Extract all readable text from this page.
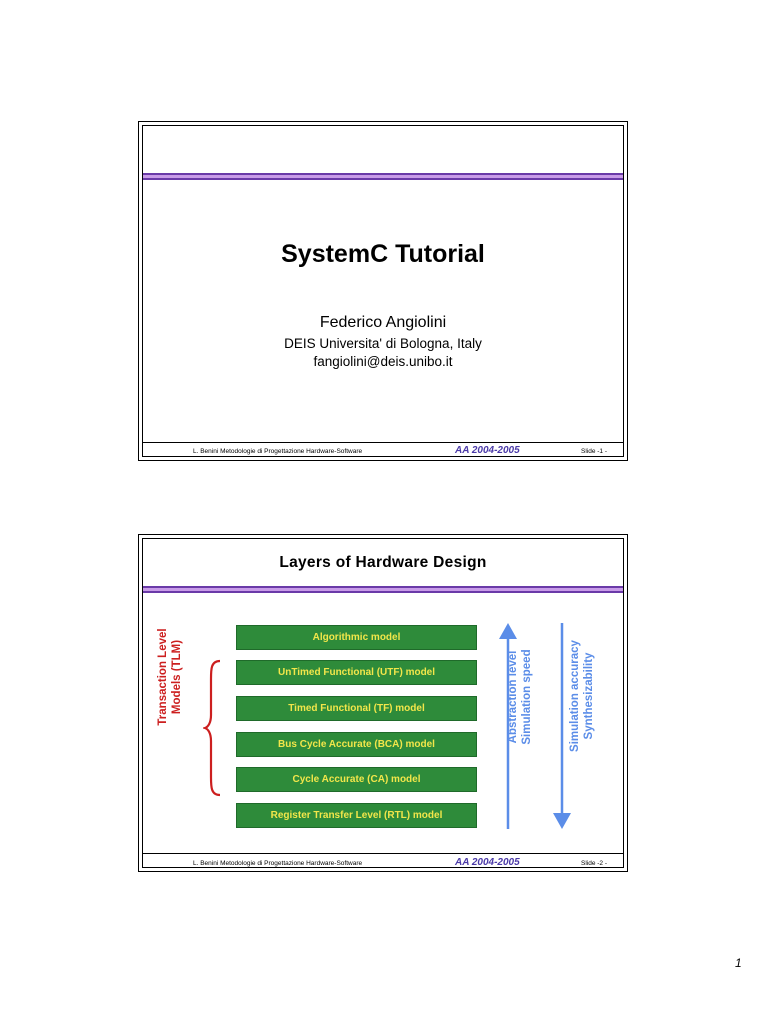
SystemC Tutorial
Federico Angiolini
DEIS Universita' di Bologna, Italy
fangiolini@deis.unibo.it
L. Benini Metodologie di Progettazione Hardware-Software	AA 2004-2005	Slide -1 -
Layers of Hardware Design
Algorithmic model
UnTimed Functional (UTF) model
Timed Functional (TF) model
Bus Cycle Accurate (BCA) model
Cycle Accurate (CA) model
Register Transfer Level (RTL) model
Transaction Level Models (TLM)	Abstraction level Simulation speed	Simulation accuracy Synthesizability
L. Benini Metodologie di Progettazione Hardware-Software	AA 2004-2005	Slide -2 -
1
